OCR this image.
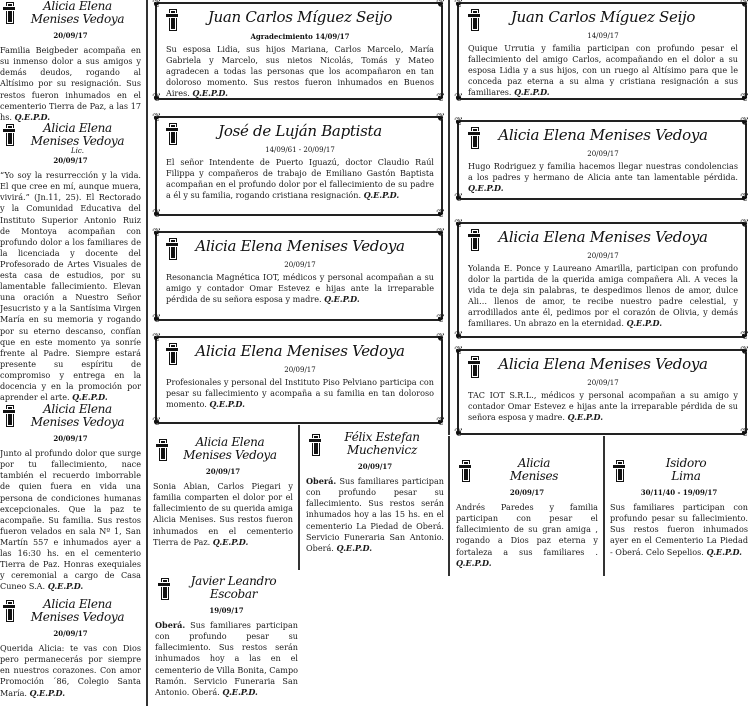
Alicia Elena
Menises Vedoya
20/09/17
Familia Beigbeder acompaña en su inmenso dolor a sus amigos y demás deudos, rogando al Altísimo por su resignación. Sus restos fueron inhumados en el cementerio Tierra de Paz, a las 17 hs. Q.E.P.D.
Alicia Elena
Menises Vedoya
Lic.
20/09/17
“Yo soy la resurrección y la vida. El que cree en mí, aunque muera, vivirá.” (Jn.11, 25). El Rectorado y la Comunidad Educativa del Instituto Superior Antonio Ruiz de Montoya acompañan con profundo dolor a los familiares de la licenciada y docente del Profesorado de Artes Visuales de esta casa de estudios, por su lamentable fallecimiento. Elevan una oración a Nuestro Señor Jesucristo y a la Santísima Virgen María en su memoria y rogando por su eterno descanso, confían que en este momento ya sonríe frente al Padre. Siempre estará presente su espíritu de compromiso y entrega en la docencia y en la promoción por aprender el arte. Q.E.P.D.
Alicia Elena
Menises Vedoya
20/09/17
Junto al profundo dolor que surge por tu fallecimiento, nace también el recuerdo imborrable de quien fuera en vida una persona de condiciones humanas excepcionales. Que la paz te acompañe. Su familia. Sus restos fueron velados en sala Nº 1, San Martín 557 e inhumados ayer a las 16:30 hs. en el cementerio Tierra de Paz. Honras exequiales y ceremonial a cargo de Casa Cuneo S.A. Q.E.P.D.
Alicia Elena
Menises Vedoya
20/09/17
Querida Alicia: te vas con Dios pero permanecerás por siempre en nuestros corazones. Con amor Promoción ´86, Colegio Santa María. Q.E.P.D.
❦	❦
❦	❦
Juan Carlos Míguez Seijo
Agradecimiento 14/09/17
Su esposa Lidia, sus hijos Mariana, Carlos Marcelo, María Gabriela y Marcelo, sus nietos Nicolás, Tomás y Mateo agradecen a todas las personas que los acompañaron en tan doloroso momento. Sus restos fueron inhumados en Buenos Aires. Q.E.P.D.
❦	❦
❦	❦
José de Luján Baptista
14/09/61 - 20/09/17
El señor Intendente de Puerto Iguazú, doctor Claudio Raúl Filippa y compañeros de trabajo de Emiliano Gastón Baptista acompañan en el profundo dolor por el fallecimiento de su padre a él y su familia, rogando cristiana resignación. Q.E.P.D.
❦	❦
❦	❦
Alicia Elena Menises Vedoya
20/09/17
Resonancia Magnética IOT, médicos y personal acompañan a su amigo y contador Omar Estevez e hijas ante la irreparable pérdida de su señora esposa y madre. Q.E.P.D.
❦	❦
❦	❦
Alicia Elena Menises Vedoya
20/09/17
Profesionales y personal del Instituto Piso Pelviano participa con pesar su fallecimiento y acompaña a su familia en tan doloroso momento. Q.E.P.D.
Alicia Elena
Menises Vedoya
20/09/17
Sonia Abian, Carlos Piegari y familia comparten el dolor por el fallecimiento de su querida amiga Alicia Menises. Sus restos fueron inhumados en el cementerio Tierra de Paz. Q.E.P.D.
Félix Estefan
Muchenvicz
20/09/17
Oberá. Sus familiares participan con profundo pesar su fallecimiento. Sus restos serán inhumados hoy a las 15 hs. en el cementerio La Piedad de Oberá. Servicio Funeraria San Antonio. Oberá. Q.E.P.D.
Javier Leandro
Escobar
19/09/17
Oberá. Sus familiares participan con profundo pesar su fallecimiento. Sus restos serán inhumados hoy a las en el cementerio de Villa Bonita, Campo Ramón. Servicio Funeraria San Antonio. Oberá. Q.E.P.D.
❦	❦
❦	❦
Juan Carlos Míguez Seijo
14/09/17
Quique Urrutia y familia participan con profundo pesar el fallecimiento del amigo Carlos, acompañando en el dolor a su esposa Lidia y a sus hijos, con un ruego al Altísimo para que le conceda paz eterna a su alma y cristiana resignación a sus familiares. Q.E.P.D.
❦	❦
❦	❦
Alicia Elena Menises Vedoya
20/09/17
Hugo Rodriguez y familia hacemos llegar nuestras condolencias a los padres y hermano de Alicia ante tan lamentable pérdida. Q.E.P.D.
❦	❦
❦	❦
Alicia Elena Menises Vedoya
20/09/17
Yolanda E. Ponce y Laureano Amarilla, participan con profundo dolor la partida de la querida amiga compañera Ali. A veces la vida te deja sin palabras, te despedimos llenos de amor, dulce Ali… llenos de amor, te recibe nuestro padre celestial, y arrodillados ante él, pedimos por el corazón de Olivia, y demás familiares. Un abrazo en la eternidad. Q.E.P.D.
❦	❦
❦	❦
Alicia Elena Menises Vedoya
20/09/17
TAC IOT S.R.L., médicos y personal acompañan a su amigo y contador Omar Estevez e hijas ante la irreparable pérdida de su señora esposa y madre. Q.E.P.D.
Alicia
Menises
20/09/17
Andrés Paredes y familia participan con pesar el fallecimiento de su gran amiga , rogando a Dios paz eterna y fortaleza a sus familiares . Q.E.P.D.
Isidoro
Lima
30/11/40 - 19/09/17
Sus familiares participan con profundo pesar su fallecimiento. Sus restos fueron inhumados ayer en el Cementerio La Piedad - Oberá. Celo Sepelios. Q.E.P.D.
